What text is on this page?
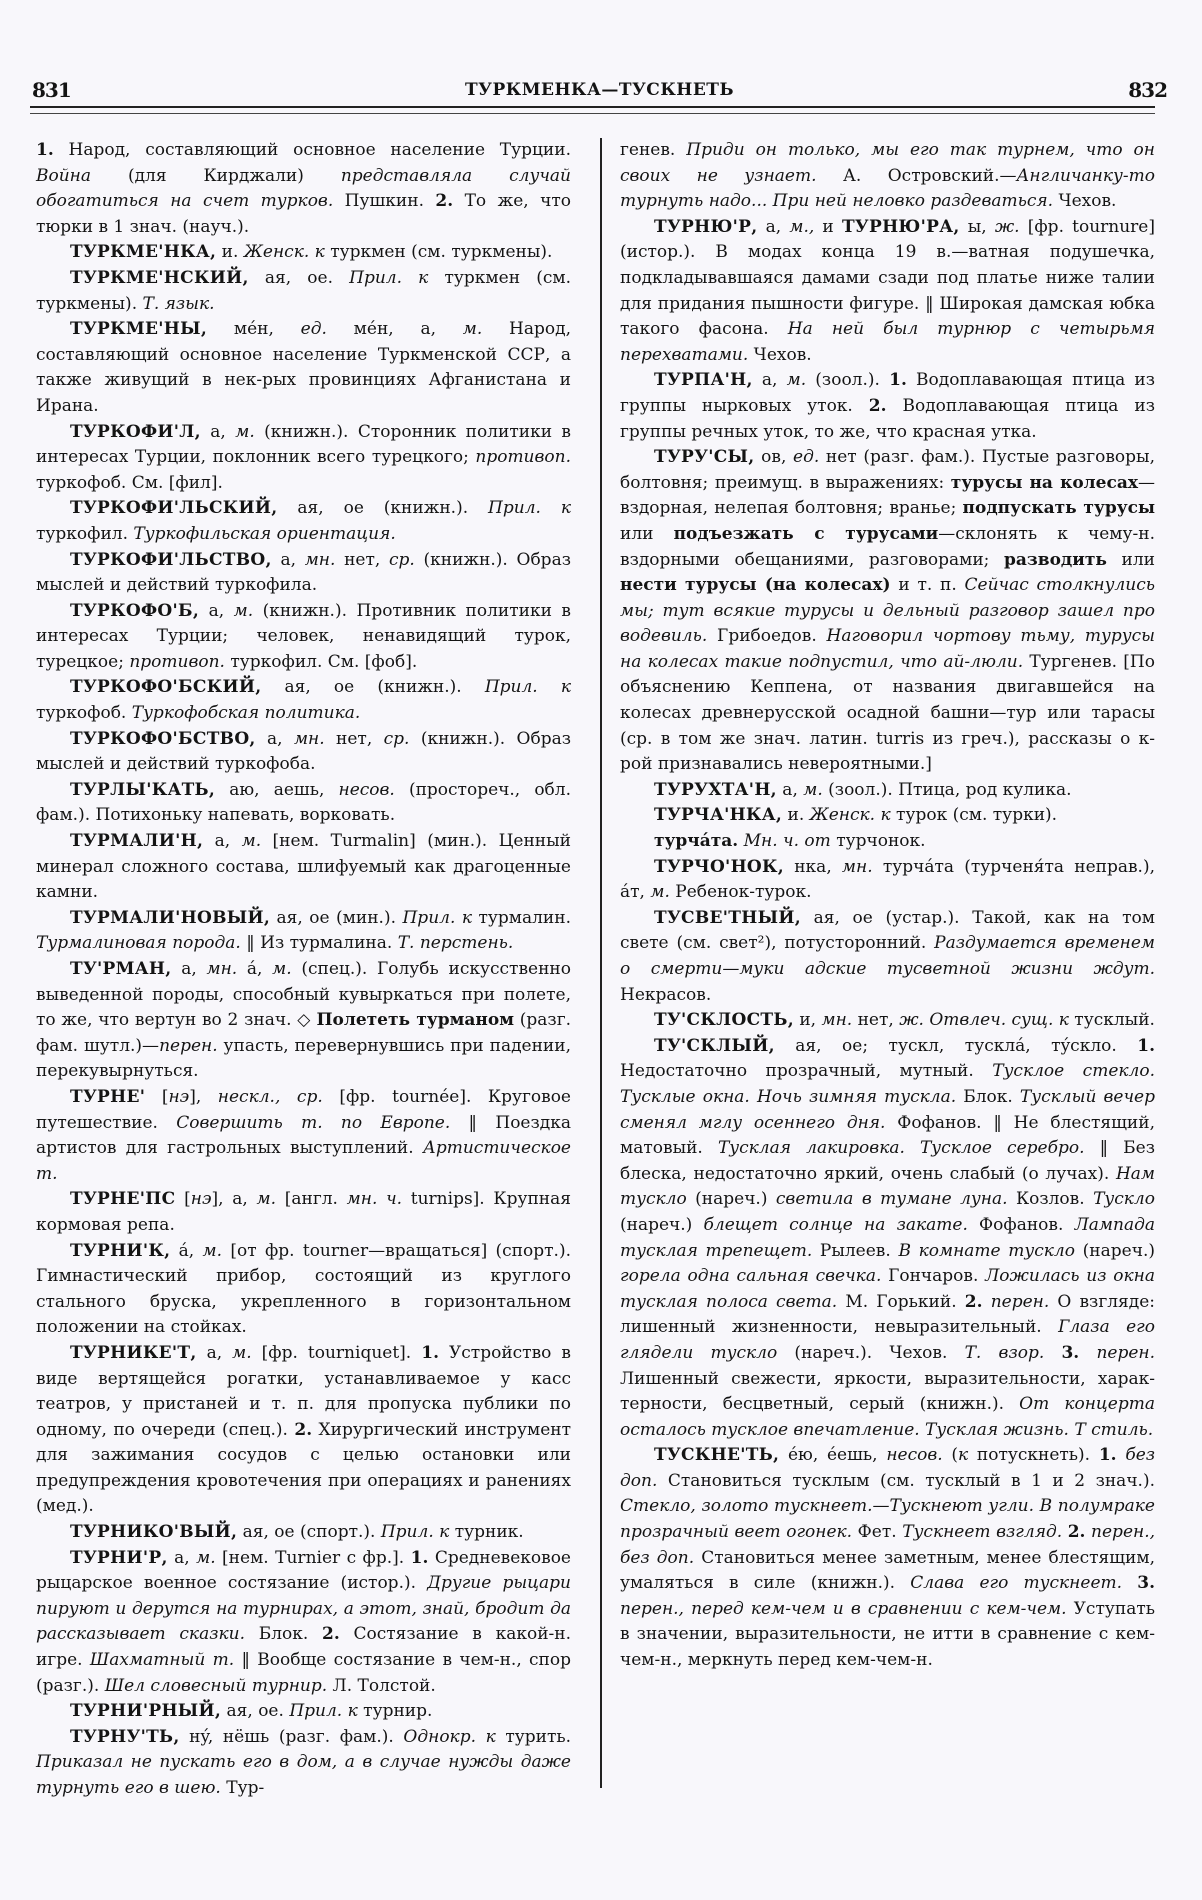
831	ТУРКМЕНКА—ТУСКНЕТЬ	832

1. Народ, составляющий основное население Турции. Война (для Кирджали) представляла случай обогатиться на счет турков. Пушкин. 2. То же, что тюрки в 1 знач. (науч.).

ТУРКМЕ'НКА, и. Женск. к туркмен (см. туркмены).

ТУРКМЕ'НСКИЙ, ая, ое. Прил. к туркмен (см. туркмены). Т. язык.

ТУРКМЕ'НЫ, мéн, ед. мéн, а, м. Народ, составляющий основное население Туркменской ССР, а также живущий в нек-рых провинциях Афганистана и Ирана.

ТУРКОФИ'Л, а, м. (книжн.). Сторонник политики в интересах Турции, поклонник всего турецкого; противоп. туркофоб. См. [фил].

ТУРКОФИ'ЛЬСКИЙ, ая, ое (книжн.). Прил. к туркофил. Туркофильская ориентация.

ТУРКОФИ'ЛЬСТВО, а, мн. нет, ср. (книжн.). Образ мыслей и действий туркофила.

ТУРКОФО'Б, а, м. (книжн.). Противник политики в интересах Турции; человек, ненавидящий турок, турецкое; противоп. туркофил. См. [фоб].

ТУРКОФО'БСКИЙ, ая, ое (книжн.). Прил. к туркофоб. Туркофобская политика.

ТУРКОФО'БСТВО, а, мн. нет, ср. (книжн.). Образ мыслей и действий туркофоба.

ТУРЛЫ'КАТЬ, аю, аешь, несов. (простореч., обл. фам.). Потихоньку напевать, ворковать.

ТУРМАЛИ'Н, а, м. [нем. Turmalin] (мин.). Ценный минерал сложного состава, шлифуемый как драгоценные камни.

ТУРМАЛИ'НОВЫЙ, ая, ое (мин.). Прил. к турмалин. Турмалиновая порода. ‖ Из турмалина. Т. перстень.

ТУ'РМАН, а, мн. á, м. (спец.). Голубь искусственно выведенной породы, способный кувыркаться при полете, то же, что вертун во 2 знач. ◇ Полететь турманом (разг. фам. шутл.)—перен. упасть, перевернувшись при падении, перекувырнуться.

ТУРНЕ' [нэ], нескл., ср. [фр. tournée]. Круговое путешествие. Совершить т. по Европе. ‖ Поездка артистов для гастрольных выступлений. Артистическое т.

ТУРНЕ'ПС [нэ], а, м. [англ. мн. ч. turnips]. Крупная кормовая репа.

ТУРНИ'К, á, м. [от фр. tourner—вращаться] (спорт.). Гимнастический прибор, состоящий из круглого стального бруска, укрепленного в горизонтальном положении на стойках.

ТУРНИКЕ'Т, а, м. [фр. tourniquet]. 1. Устройство в виде вертящейся рогатки, устанавливаемое у касс театров, у пристаней и т. п. для пропуска публики по одному, по очереди (спец.). 2. Хирургический инструмент для зажимания сосудов с целью остановки или предупреждения кровотечения при операциях и ранениях (мед.).

ТУРНИКО'ВЫЙ, ая, ое (спорт.). Прил. к турник.

ТУРНИ'Р, а, м. [нем. Turnier с фр.]. 1. Средневековое рыцарское военное состязание (истор.). Другие рыцари пируют и дерутся на турнирах, а этот, знай, бродит да рассказывает сказки. Блок. 2. Состязание в какой-н. игре. Шахматный т. ‖ Вообще состязание в чем-н., спор (разг.). Шел словесный турнир. Л. Толстой.

ТУРНИ'РНЫЙ, ая, ое. Прил. к турнир.

ТУРНУ'ТЬ, нý, нёшь (разг. фам.). Однокр. к турить. Приказал не пускать его в дом, а в случае нужды даже турнуть его в шею. Тур-

генев. Приди он только, мы его так турнем, что он своих не узнает. А. Островский.—Англичанку-то турнуть надо... При ней неловко раздеваться. Чехов.

ТУРНЮ'Р, а, м., и ТУРНЮ'РА, ы, ж. [фр. tournure] (истор.). В модах конца 19 в.—ватная подушечка, подкладывавшаяся дамами сзади под платье ниже талии для придания пышности фигуре. ‖ Широкая дамская юбка такого фасона. На ней был турнюр с четырьмя перехватами. Чехов.

ТУРПА'Н, а, м. (зоол.). 1. Водоплавающая птица из группы нырковых уток. 2. Водоплавающая птица из группы речных уток, то же, что красная утка.

ТУРУ'СЫ, ов, ед. нет (разг. фам.). Пустые разговоры, болтовня; преимущ. в выражениях: турусы на колесах—вздорная, нелепая болтовня; вранье; подпускать турусы или подъезжать с турусами—склонять к чему-н. вздорными обещаниями, разговорами; разводить или нести турусы (на колесах) и т. п. Сейчас столкнулись мы; тут всякие турусы и дельный разговор зашел про водевиль. Грибоедов. Наговорил чортову тьму, турусы на колесах такие подпустил, что ай-люли. Тургенев. [По объяснению Кеппена, от названия двигавшейся на колесах древнерусской осадной башни—тур или тарасы (ср. в том же знач. латин. turris из греч.), рассказы о к-рой признавались невероятными.]

ТУРУХТА'Н, а, м. (зоол.). Птица, род кулика.

ТУРЧА'НКА, и. Женск. к турок (см. турки).

турчáта. Мн. ч. от турчонок.

ТУРЧО'НОК, нка, мн. турчáта (турченя́та неправ.), áт, м. Ребенок-турок.

ТУСВЕ'ТНЫЙ, ая, ое (устар.). Такой, как на том свете (см. свет²), потусторонний. Раздумается временем о смерти—муки адские тусветной жизни ждут. Некрасов.

ТУ'СКЛОСТЬ, и, мн. нет, ж. Отвлеч. сущ. к тусклый.

ТУ'СКЛЫЙ, ая, ое; тускл, тусклá, тýскло. 1. Недостаточно прозрачный, мутный. Тусклое стекло. Тусклые окна. Ночь зимняя тускла. Блок. Тусклый вечер сменял мглу осеннего дня. Фофанов. ‖ Не блестящий, матовый. Тусклая лакировка. Тусклое серебро. ‖ Без блеска, недостаточно яркий, очень слабый (о лучах). Нам тускло (нареч.) светила в тумане луна. Козлов. Тускло (нареч.) блещет солнце на закате. Фофанов. Лампада тусклая трепещет. Рылеев. В комнате тускло (нареч.) горела одна сальная свечка. Гончаров. Ложилась из окна тусклая полоса света. М. Горький. 2. перен. О взгляде: лишенный жизненности, невыразительный. Глаза его глядели тускло (нареч.). Чехов. Т. взор. 3. перен. Лишенный свежести, яркости, выразительности, характерности, бесцветный, серый (книжн.). От концерта осталось тусклое впечатление. Тусклая жизнь. Т стиль.

ТУСКНЕ'ТЬ, éю, éешь, несов. (к потускнеть). 1. без доп. Становиться тусклым (см. тусклый в 1 и 2 знач.). Стекло, золото тускнеет.—Тускнеют угли. В полумраке прозрачный веет огонек. Фет. Тускнеет взгляд. 2. перен., без доп. Становиться менее заметным, менее блестящим, умаляться в силе (книжн.). Слава его тускнеет. 3. перен., перед кем-чем и в сравнении с кем-чем. Уступать в значении, выразительности, не итти в сравнение с кем-чем-н., меркнуть перед кем-чем-н.
